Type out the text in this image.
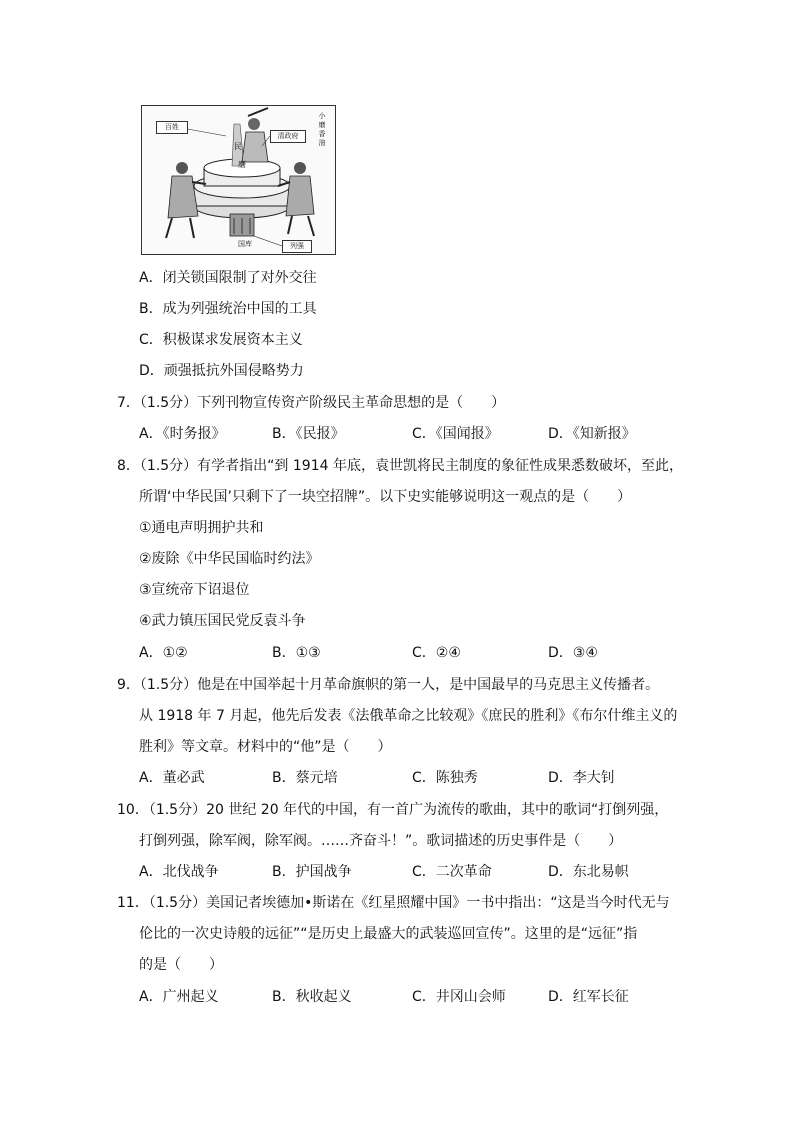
百姓
清政府
小磨香油
民
磨
国库	列强
A．闭关锁国限制了对外交往
B．成为列强统治中国的工具
C．积极谋求发展资本主义
D．顽强抵抗外国侵略势力
7．（1.5分）下列刊物宣传资产阶级民主革命思想的是（　　）
A．《时务报》	B．《民报》	C．《国闻报》	D．《知新报》
8．（1.5分）有学者指出“到 1914 年底，袁世凯将民主制度的象征性成果悉数破坏，至此，
所谓‘中华民国’只剩下了一块空招牌”。以下史实能够说明这一观点的是（　　）
①通电声明拥护共和
②废除《中华民国临时约法》
③宣统帝下诏退位
④武力镇压国民党反袁斗争
A．①②	B．①③	C．②④	D．③④
9．（1.5分）他是在中国举起十月革命旗帜的第一人，是中国最早的马克思主义传播者。
从 1918 年 7 月起，他先后发表《法俄革命之比较观》《庶民的胜利》《布尔什维主义的
胜利》等文章。材料中的“他”是（　　）
A．董必武	B．蔡元培	C．陈独秀	D．李大钊
10．（1.5分）20 世纪 20 年代的中国，有一首广为流传的歌曲，其中的歌词“打倒列强，
打倒列强，除军阀，除军阀。……齐奋斗！”。歌词描述的历史事件是（　　）
A．北伐战争	B．护国战争	C．二次革命	D．东北易帜
11．（1.5分）美国记者埃德加•斯诺在《红星照耀中国》一书中指出：“这是当今时代无与
伦比的一次史诗般的远征”“是历史上最盛大的武装巡回宣传”。这里的是“远征”指
的是（　　）
A．广州起义	B．秋收起义	C．井冈山会师	D．红军长征
